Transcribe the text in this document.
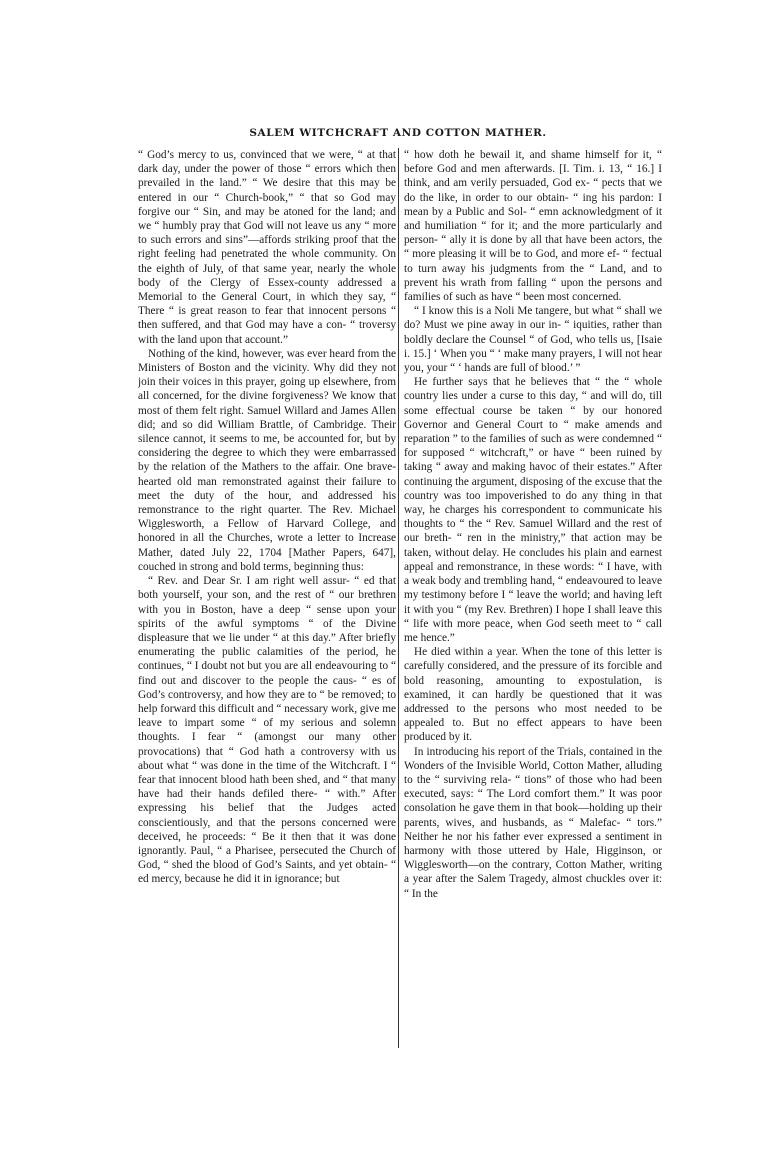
SALEM WITCHCRAFT AND COTTON MATHER.

“ God’s mercy to us, convinced that we were, “ at that dark day, under the power of those “ errors which then prevailed in the land.” “ We desire that this may be entered in our “ Church-book,” “ that so God may forgive our “ Sin, and may be atoned for the land; and we “ humbly pray that God will not leave us any “ more to such errors and sins”—affords striking proof that the right feeling had penetrated the whole community. On the eighth of July, of that same year, nearly the whole body of the Clergy of Essex-county addressed a Memorial to the General Court, in which they say, “ There “ is great reason to fear that innocent persons “ then suffered, and that God may have a con- “ troversy with the land upon that account.”

Nothing of the kind, however, was ever heard from the Ministers of Boston and the vicinity. Why did they not join their voices in this prayer, going up elsewhere, from all concerned, for the divine forgiveness? We know that most of them felt right. Samuel Willard and James Allen did; and so did William Brattle, of Cambridge. Their silence cannot, it seems to me, be accounted for, but by considering the degree to which they were embarrassed by the relation of the Mathers to the affair. One brave-hearted old man remonstrated against their failure to meet the duty of the hour, and addressed his remonstrance to the right quarter. The Rev. Michael Wigglesworth, a Fellow of Harvard College, and honored in all the Churches, wrote a letter to Increase Mather, dated July 22, 1704 [Mather Papers, 647], couched in strong and bold terms, beginning thus:

“ Rev. and Dear Sr. I am right well assur- “ ed that both yourself, your son, and the rest of “ our brethren with you in Boston, have a deep “ sense upon your spirits of the awful symptoms “ of the Divine displeasure that we lie under “ at this day.” After briefly enumerating the public calamities of the period, he continues, “ I doubt not but you are all endeavouring to “ find out and discover to the people the caus- “ es of God’s controversy, and how they are to “ be removed; to help forward this difficult and “ necessary work, give me leave to impart some “ of my serious and solemn thoughts. I fear “ (amongst our many other provocations) that “ God hath a controversy with us about what “ was done in the time of the Witchcraft. I “ fear that innocent blood hath been shed, and “ that many have had their hands defiled there- “ with.” After expressing his belief that the Judges acted conscientiously, and that the persons concerned were deceived, he proceeds: “ Be it then that it was done ignorantly. Paul, “ a Pharisee, persecuted the Church of God, “ shed the blood of God’s Saints, and yet obtain- “ ed mercy, because he did it in ignorance; but

“ how doth he bewail it, and shame himself for it, “ before God and men afterwards. [I. Tim. i. 13, “ 16.] I think, and am verily persuaded, God ex- “ pects that we do the like, in order to our obtain- “ ing his pardon: I mean by a Public and Sol- “ emn acknowledgment of it and humiliation “ for it; and the more particularly and person- “ ally it is done by all that have been actors, the “ more pleasing it will be to God, and more ef- “ fectual to turn away his judgments from the “ Land, and to prevent his wrath from falling “ upon the persons and families of such as have “ been most concerned.

“ I know this is a Noli Me tangere, but what “ shall we do? Must we pine away in our in- “ iquities, rather than boldly declare the Counsel “ of God, who tells us, [Isaie i. 15.] ‘ When you “ ‘ make many prayers, I will not hear you, your “ ‘ hands are full of blood.’ ”

He further says that he believes that “ the “ whole country lies under a curse to this day, “ and will do, till some effectual course be taken “ by our honored Governor and General Court to “ make amends and reparation ” to the families of such as were condemned “ for supposed “ witchcraft,” or have “ been ruined by taking “ away and making havoc of their estates.” After continuing the argument, disposing of the excuse that the country was too impoverished to do any thing in that way, he charges his correspondent to communicate his thoughts to “ the “ Rev. Samuel Willard and the rest of our breth- “ ren in the ministry,” that action may be taken, without delay. He concludes his plain and earnest appeal and remonstrance, in these words: “ I have, with a weak body and trembling hand, “ endeavoured to leave my testimony before I “ leave the world; and having left it with you “ (my Rev. Brethren) I hope I shall leave this “ life with more peace, when God seeth meet to “ call me hence.”

He died within a year. When the tone of this letter is carefully considered, and the pressure of its forcible and bold reasoning, amounting to expostulation, is examined, it can hardly be questioned that it was addressed to the persons who most needed to be appealed to. But no effect appears to have been produced by it.

In introducing his report of the Trials, contained in the Wonders of the Invisible World, Cotton Mather, alluding to the “ surviving rela- “ tions” of those who had been executed, says: “ The Lord comfort them.” It was poor consolation he gave them in that book—holding up their parents, wives, and husbands, as “ Malefac- “ tors.” Neither he nor his father ever expressed a sentiment in harmony with those uttered by Hale, Higginson, or Wigglesworth—on the contrary, Cotton Mather, writing a year after the Salem Tragedy, almost chuckles over it: “ In the
